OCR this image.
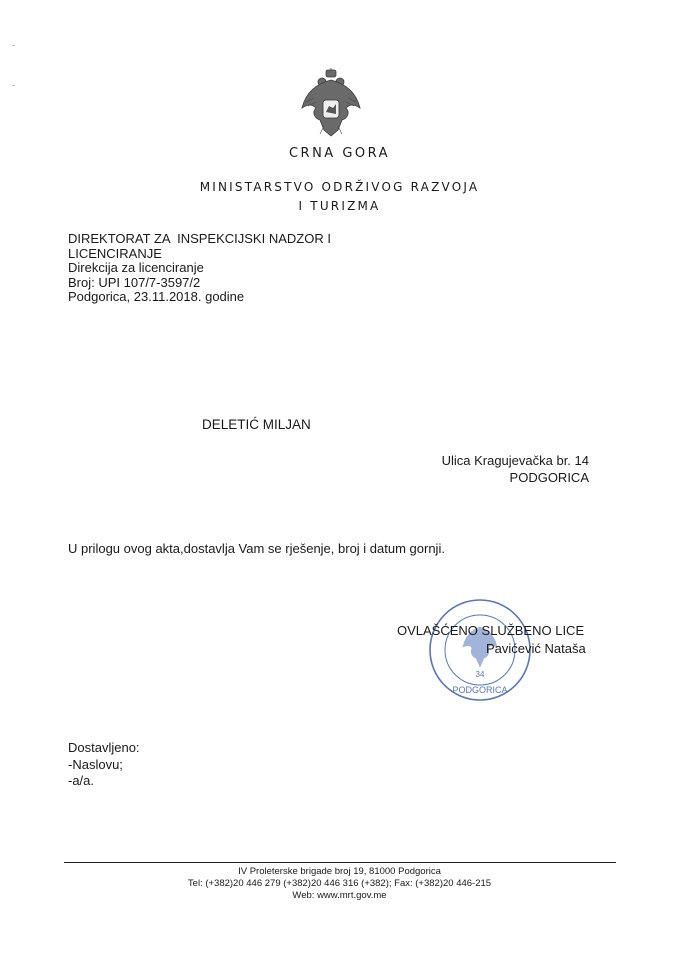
-
-
CRNA GORA
MINISTARSTVO ODRŽIVOG RAZVOJA
I TURIZMA
DIREKTORAT ZA  INSPEKCIJSKI NADZOR I
LICENCIRANJE
Direkcija za licenciranje
Broj: UPI 107/7-3597/2
Podgorica, 23.11.2018. godine
DELETIĆ MILJAN
Ulica Kragujevačka br. 14
PODGORICA
U prilogu ovog akta,dostavlja Vam se rješenje, broj i datum gornji.
34
PODGORICA
OVLAŠĆENO SLUŽBENO LICE
Pavićević Nataša
Dostavljeno:
-Naslovu;
-a/a.
IV Proleterske brigade broj 19, 81000 Podgorica
Tel: (+382)20 446 279 (+382)20 446 316 (+382); Fax: (+382)20 446-215
Web: www.mrt.gov.me
